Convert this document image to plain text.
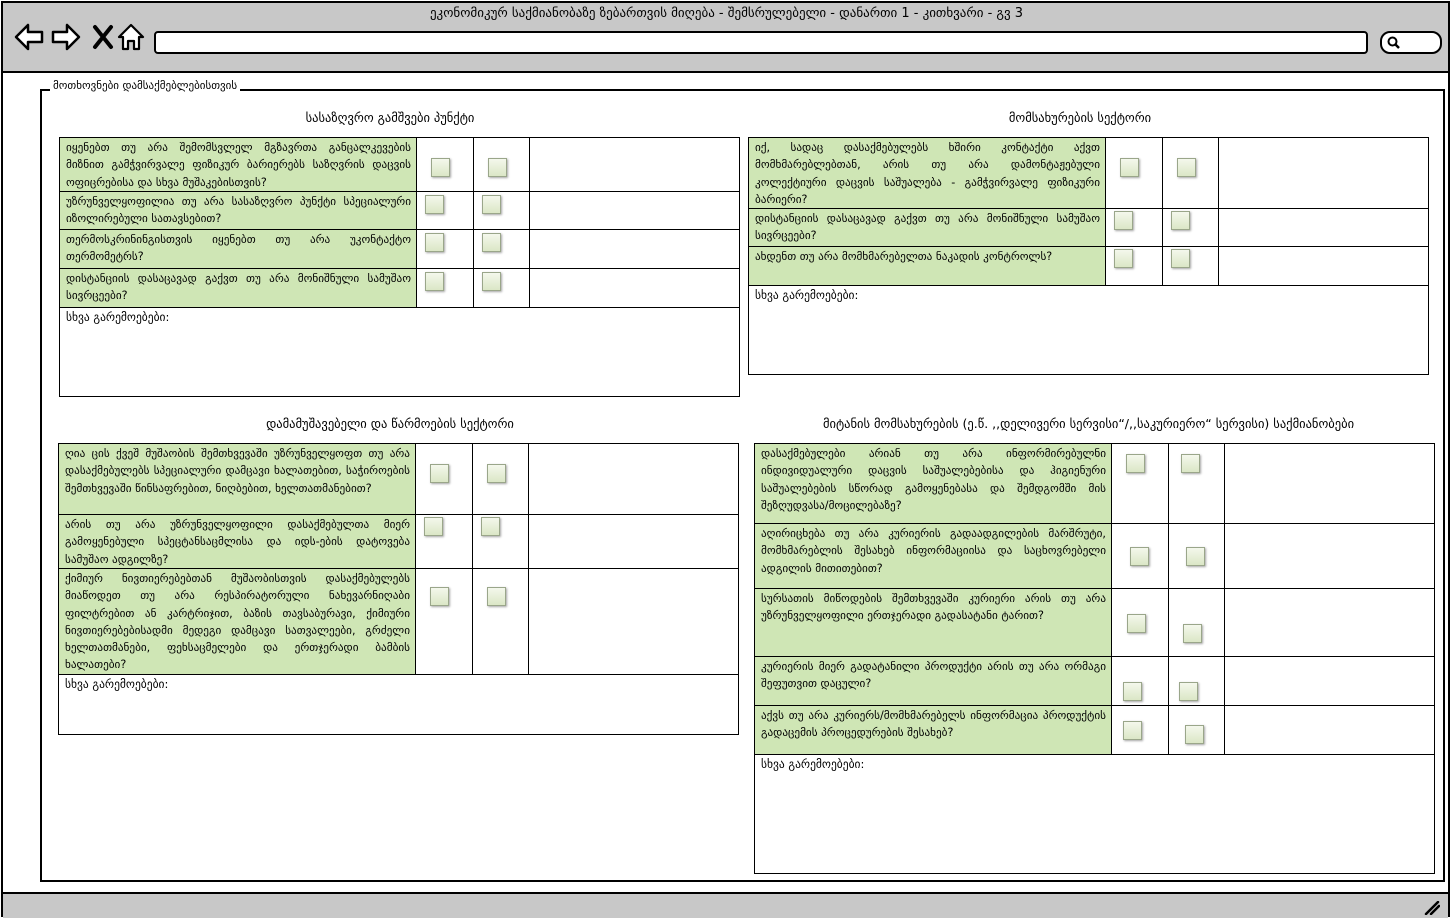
ეკონომიკურ საქმიანობაზე ზებართვის მიღება - შემსრულებელი - დანართი 1 - კითხვარი - გვ 3
მოთხოვნები დამსაქმებლებისთვის
სასაზღვრო გამშვები პუნქტი
იყენებთ თუ არა შემომსვლელ მგზავრთა განცალკევების მიზნით გამჭვირვალე ფიზიკურ ბარიერებს საზღვრის დაცვის ოფიცრებისა და სხვა მუშაკებისთვის?	

უზრუნველყოფილია თუ არა სასაზღვრო პუნქტი სპეციალური იზოლირებული სათავსებით?	

თერმოსკრინინგისთვის იყენებთ თუ არა უკონტაქტო თერმომეტრს?	

დისტანციის დასაცავად გაქვთ თუ არა მონიშნული სამუშაო სივრცეები?	

სხვა გარემოებები:			
მომსახურების სექტორი
იქ, სადაც დასაქმებულებს ხშირი კონტაქტი აქვთ მომხმარებლებთან, არის თუ არა დამონტაჟებული კოლექტიური დაცვის საშუალება - გამჭვირვალე ფიზიკური ბარიერი?	

დისტანციის დასაცავად გაქვთ თუ არა მონიშნული სამუშაო სივრცეები?	

ახდენთ თუ არა მომხმარებელთა ნაკადის კონტროლს?	

სხვა გარემოებები:			
დამამუშავებელი და წარმოების სექტორი
ღია ცის ქვეშ მუშაობის შემთხვევაში უზრუნველყოფთ თუ არა დასაქმებულებს სპეციალური დამცავი ხალათებით, საჭიროების შემთხვევაში წინსაფრებით, ნიღბებით, ხელთათმანებით?	

არის თუ არა უზრუნველყოფილი დასაქმებულთა მიერ გამოყენებული სპეცტანსაცმლისა და იდს-ების დატოვება სამუშაო ადგილზე?	

ქიმიურ ნივთიერებებთან მუშაობისთვის დასაქმებულებს მიაწოდეთ თუ არა რესპირატორული ნახევარნიღაბი ფილტრებით ან კარტრიჯით, ბაზის თავსაბურავი, ქიმიური ნივთიერებებისადმი მედეგი დამცავი სათვალეები, გრძელი ხელთათმანები, ფეხსაცმელები და ერთჯერადი ბამბის ხალათები?	

სხვა გარემოებები:			
მიტანის მომსახურების (ე.წ. ,,დელივერი სერვისი“/,,საკურიერო“ სერვისი) საქმიანობები
დასაქმებულები არიან თუ არა ინფორმირებულნი ინდივიდუალური დაცვის საშუალებებისა და ჰიგიენური საშუალებების სწორად გამოყენებასა და შემდგომში მის შეზღუდვასა/მოცილებაზე?	

აღირიცხება თუ არა კურიერის გადაადგილების მარშრუტი, მომხმარებლის შესახებ ინფორმაციისა და საცხოვრებელი ადგილის მითითებით?	

სურსათის მიწოდების შემთხვევაში კურიერი არის თუ არა უზრუნველყოფილი ერთჯერადი გადასატანი ტარით?	

კურიერის მიერ გადატანილი პროდუქტი არის თუ არა ორმაგი შეფუთვით დაცული?	

აქვს თუ არა კურიერს/მომხმარებელს ინფორმაცია პროდუქტის გადაცემის პროცედურების შესახებ?	

სხვა გარემოებები:			
